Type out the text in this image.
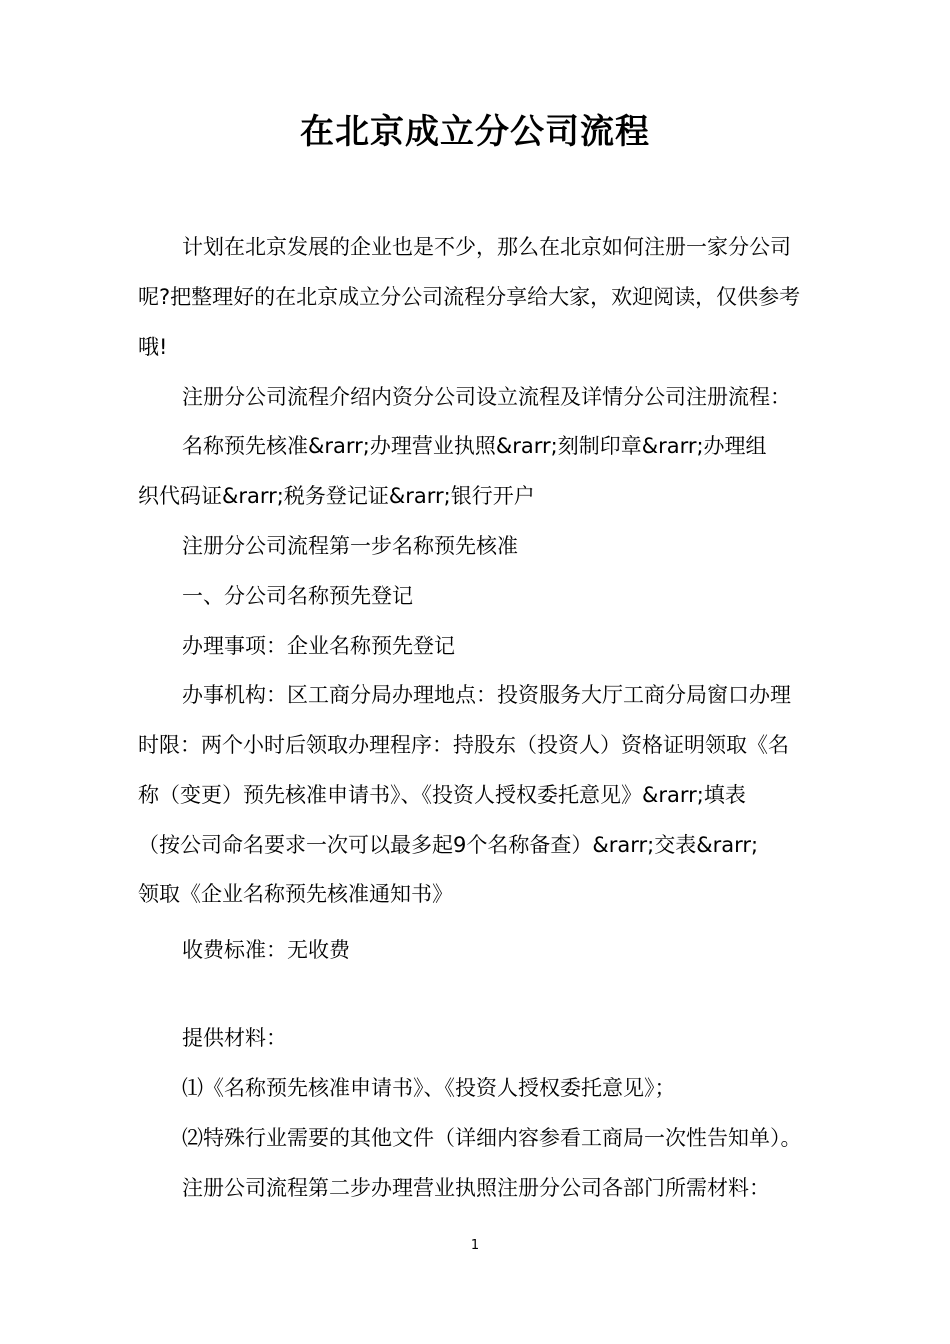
在北京成立分公司流程
计划在北京发展的企业也是不少，那么在北京如何注册一家分公司
呢?把整理好的在北京成立分公司流程分享给大家，欢迎阅读，仅供参考
哦!
注册分公司流程介绍内资分公司设立流程及详情分公司注册流程：
名称预先核准&rarr;办理营业执照&rarr;刻制印章&rarr;办理组
织代码证&rarr;税务登记证&rarr;银行开户
注册分公司流程第一步名称预先核准
一、分公司名称预先登记
办理事项：企业名称预先登记
办事机构：区工商分局办理地点：投资服务大厅工商分局窗口办理
时限：两个小时后领取办理程序：持股东（投资人）资格证明领取《名
称（变更）预先核准申请书》、《投资人授权委托意见》&rarr;填表
（按公司命名要求一次可以最多起9个名称备查）&rarr;交表&rarr;
领取《企业名称预先核准通知书》
收费标准：无收费
提供材料：
⑴《名称预先核准申请书》、《投资人授权委托意见》；
⑵特殊行业需要的其他文件（详细内容参看工商局一次性告知单）。
注册公司流程第二步办理营业执照注册分公司各部门所需材料：
1
